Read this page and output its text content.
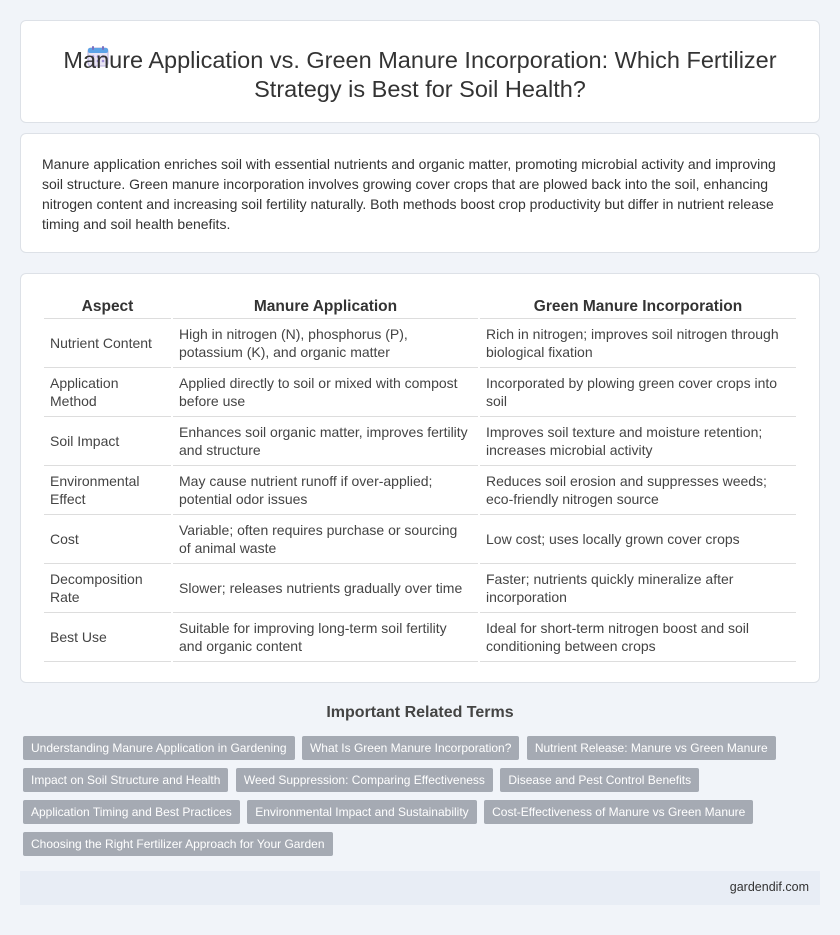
Manure Application vs. Green Manure Incorporation: Which Fertilizer Strategy is Best for Soil Health?

Manure application enriches soil with essential nutrients and organic matter, promoting microbial activity and improving soil structure. Green manure incorporation involves growing cover crops that are plowed back into the soil, enhancing nitrogen content and increasing soil fertility naturally. Both methods boost crop productivity but differ in nutrient release timing and soil health benefits.

Aspect	Manure Application	Green Manure Incorporation
Nutrient Content	High in nitrogen (N), phosphorus (P), potassium (K), and organic matter	Rich in nitrogen; improves soil nitrogen through biological fixation
Application Method	Applied directly to soil or mixed with compost before use	Incorporated by plowing green cover crops into soil
Soil Impact	Enhances soil organic matter, improves fertility and structure	Improves soil texture and moisture retention; increases microbial activity
Environmental Effect	May cause nutrient runoff if over-applied; potential odor issues	Reduces soil erosion and suppresses weeds; eco-friendly nitrogen source
Cost	Variable; often requires purchase or sourcing of animal waste	Low cost; uses locally grown cover crops
Decomposition Rate	Slower; releases nutrients gradually over time	Faster; nutrients quickly mineralize after incorporation
Best Use	Suitable for improving long-term soil fertility and organic content	Ideal for short-term nitrogen boost and soil conditioning between crops
Important Related Terms
Understanding Manure Application in Gardening What Is Green Manure Incorporation? Nutrient Release: Manure vs Green Manure Impact on Soil Structure and Health Weed Suppression: Comparing Effectiveness Disease and Pest Control Benefits Application Timing and Best Practices Environmental Impact and Sustainability Cost-Effectiveness of Manure vs Green Manure Choosing the Right Fertilizer Approach for Your Garden
gardendif.com
